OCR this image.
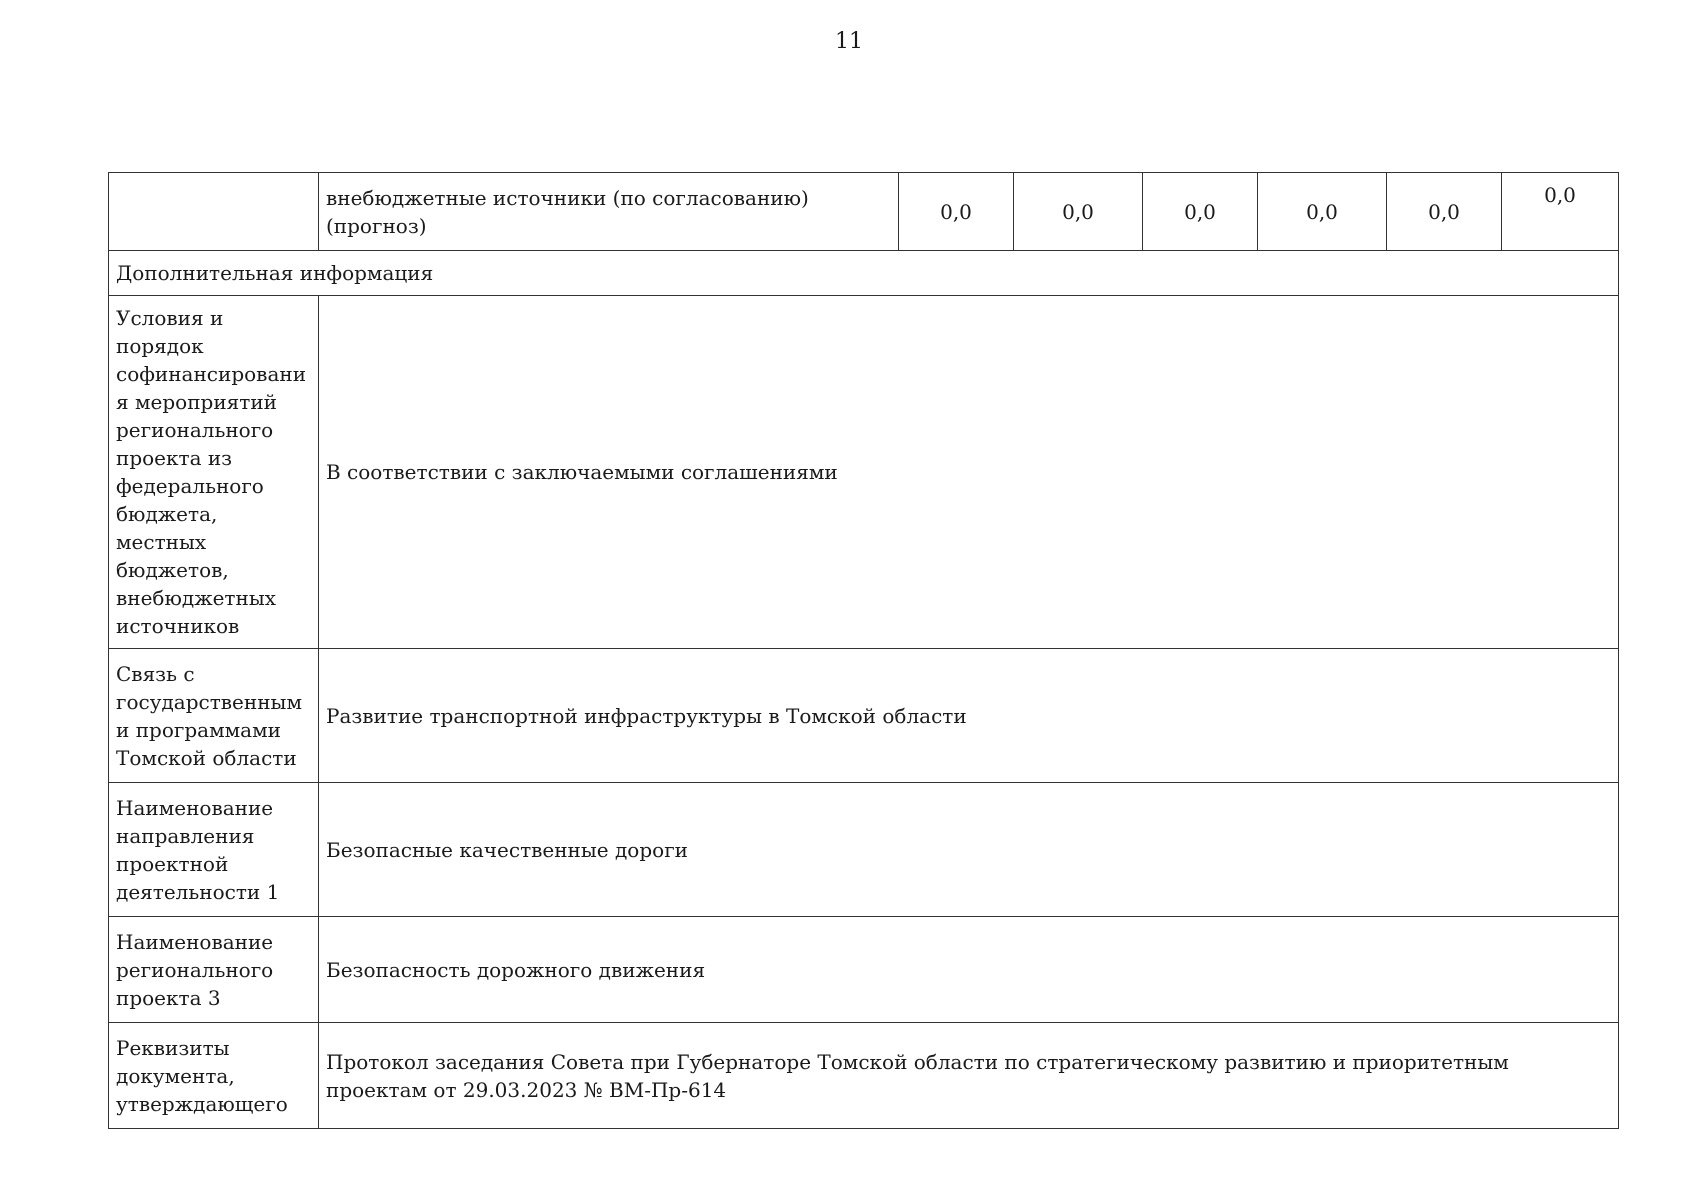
11
	внебюджетные источники (по согласованию) (прогноз)	0,0	0,0	0,0	0,0	0,0	0,0
Дополнительная информация							
Условия и порядок софинансирования мероприятий регионального проекта из федерального бюджета, местных бюджетов, внебюджетных источников	В соответствии с заключаемыми соглашениями						
Связь с государственными программами Томской области	Развитие транспортной инфраструктуры в Томской области						
Наименование направления проектной деятельности 1	Безопасные качественные дороги						
Наименование регионального проекта 3	Безопасность дорожного движения						
Реквизиты документа, утверждающего	Протокол заседания Совета при Губернаторе Томской области по стратегическому развитию и приоритетным проектам от 29.03.2023 № ВМ-Пр-614						
